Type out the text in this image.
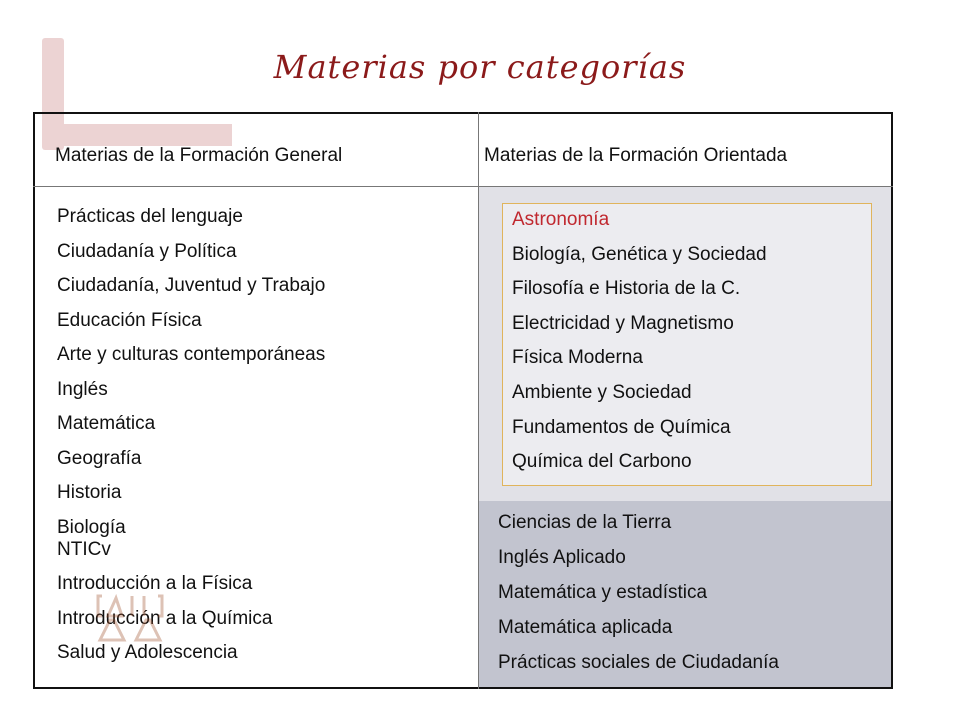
Materias por categorías
Materias de la Formación General	Materias de la Formación Orientada
Prácticas del lenguaje
Ciudadanía y Política
Ciudadanía, Juventud y Trabajo
Educación Física
Arte y culturas contemporáneas
Inglés
Matemática
Geografía
Historia
Biología
NTICv
Introducción a la Física
Introducción a la Química
Salud y Adolescencia
Astronomía
Biología, Genética y Sociedad
Filosofía e Historia de la C.
Electricidad y Magnetismo
Física Moderna
Ambiente y Sociedad
Fundamentos de Química
Química del Carbono
Ciencias de la Tierra
Inglés Aplicado
Matemática y estadística
Matemática aplicada
Prácticas sociales de Ciudadanía
